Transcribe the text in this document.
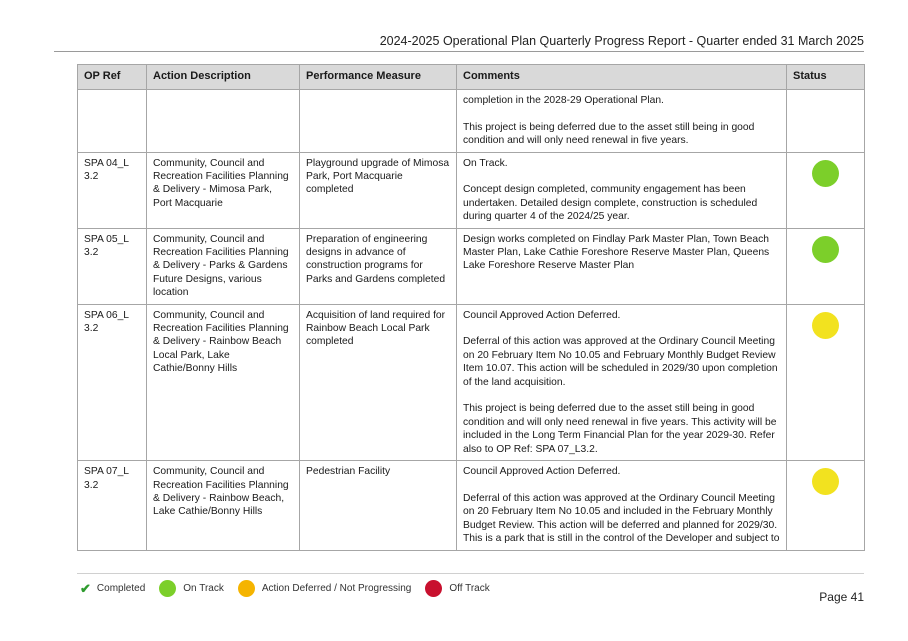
2024-2025 Operational Plan Quarterly Progress Report - Quarter ended 31 March 2025
OP Ref	Action Description	Performance Measure	Comments	Status

			completion in the 2028-29 Operational Plan.

This project is being deferred due to the asset still being in good condition and will only need renewal in five years.	

SPA 04_L 3.2	Community, Council and Recreation Facilities Planning & Delivery - Mimosa Park, Port Macquarie	Playground upgrade of Mimosa Park, Port Macquarie completed	On Track.

Concept design completed, community engagement has been undertaken. Detailed design complete, construction is scheduled during quarter 4 of the 2024/25 year.	

SPA 05_L 3.2	Community, Council and Recreation Facilities Planning & Delivery - Parks & Gardens Future Designs, various location	Preparation of engineering designs in advance of construction programs for Parks and Gardens completed	Design works completed on Findlay Park Master Plan, Town Beach Master Plan, Lake Cathie Foreshore Reserve Master Plan, Queens Lake Foreshore Reserve Master Plan	

SPA 06_L 3.2	Community, Council and Recreation Facilities Planning & Delivery - Rainbow Beach Local Park, Lake Cathie/Bonny Hills	Acquisition of land required for Rainbow Beach Local Park completed	Council Approved Action Deferred.

Deferral of this action was approved at the Ordinary Council Meeting on 20 February Item No 10.05 and February Monthly Budget Review Item 10.07. This action will be scheduled in 2029/30 upon completion of the land acquisition.

This project is being deferred due to the asset still being in good condition and will only need renewal in five years. This activity will be included in the Long Term Financial Plan for the year 2029-30. Refer also to OP Ref: SPA 07_L3.2.	

SPA 07_L 3.2	Community, Council and Recreation Facilities Planning & Delivery - Rainbow Beach, Lake Cathie/Bonny Hills	Pedestrian Facility	Council Approved Action Deferred.

Deferral of this action was approved at the Ordinary Council Meeting on 20 February Item No 10.05 and included in the February Monthly Budget Review. This action will be deferred and planned for 2029/30. This is a park that is still in the control of the Developer and subject to	

✔ Completed	On Track	Action Deferred / Not Progressing	Off Track
Page 41
